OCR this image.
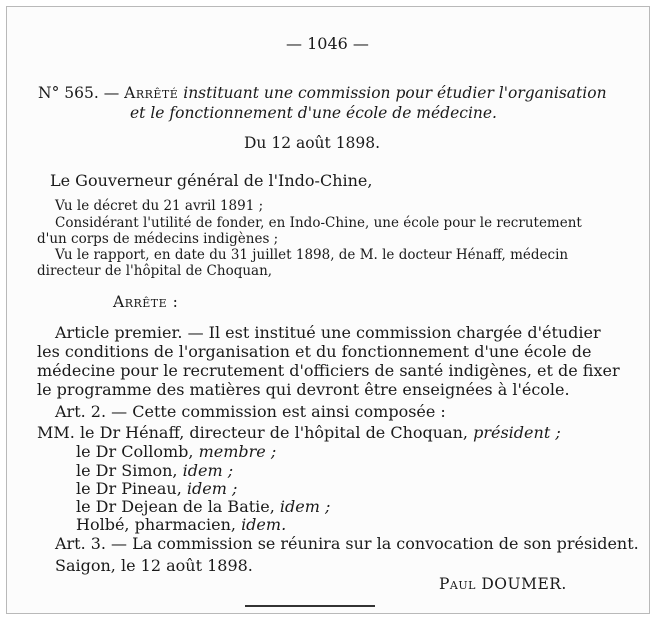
— 1046 —
N° 565. — Arrêté instituant une commission pour étudier l'organisation
et le fonctionnement d'une école de médecine.
Du 12 août 1898.
Le Gouverneur général de l'Indo-Chine,
Vu le décret du 21 avril 1891 ;
Considérant l'utilité de fonder, en Indo-Chine, une école pour le recrutement
d'un corps de médecins indigènes ;
Vu le rapport, en date du 31 juillet 1898, de M. le docteur Hénaff, médecin
directeur de l'hôpital de Choquan,
Arrête :
Article premier. — Il est institué une commission chargée d'étudier
les conditions de l'organisation et du fonctionnement d'une école de
médecine pour le recrutement d'officiers de santé indigènes, et de fixer
le programme des matières qui devront être enseignées à l'école.
Art. 2. — Cette commission est ainsi composée :
MM. le Dr Hénaff, directeur de l'hôpital de Choquan, président ;
le Dr Collomb, membre ;
le Dr Simon, idem ;
le Dr Pineau, idem ;
le Dr Dejean de la Batie, idem ;
Holbé, pharmacien, idem.
Art. 3. — La commission se réunira sur la convocation de son président.
Saigon, le 12 août 1898.
Paul DOUMER.
